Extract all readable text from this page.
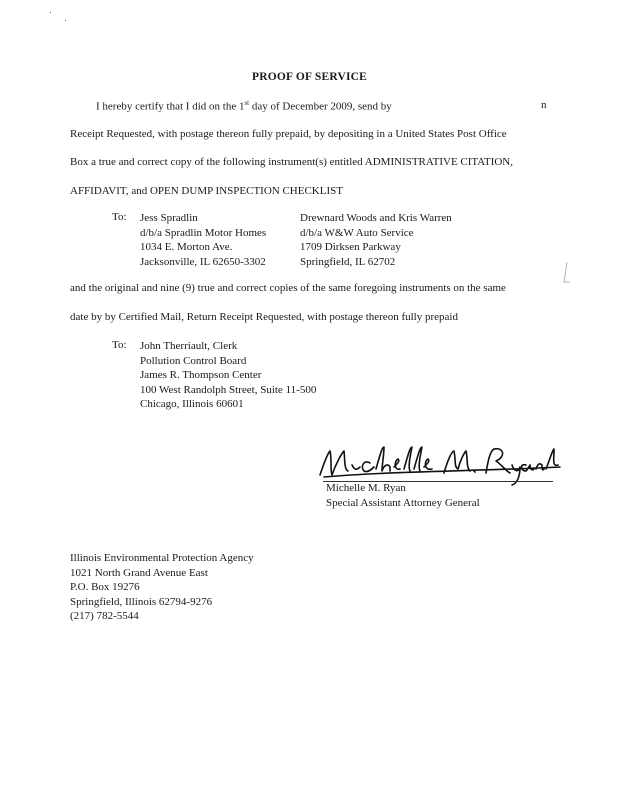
PROOF OF SERVICE
I hereby certify that I did on the 1st day of December 2009, send by	n
Receipt Requested, with postage thereon fully prepaid, by depositing in a United States Post Office
Box a true and correct copy of the following instrument(s) entitled ADMINISTRATIVE CITATION,
AFFIDAVIT, and OPEN DUMP INSPECTION CHECKLIST
To: Jess Spradlin
d/b/a Spradlin Motor Homes
1034 E. Morton Ave.
Jacksonville, IL 62650-3302
Drewnard Woods and Kris Warren
d/b/a W&W Auto Service
1709 Dirksen Parkway
Springfield, IL 62702
and the original and nine (9) true and correct copies of the same foregoing instruments on the same
date by by Certified Mail, Return Receipt Requested, with postage thereon fully prepaid
To: John Therriault, Clerk
Pollution Control Board
James R. Thompson Center
100 West Randolph Street, Suite 11-500
Chicago, Illinois 60601
Michelle M. Ryan
Special Assistant Attorney General
Illinois Environmental Protection Agency
1021 North Grand Avenue East
P.O. Box 19276
Springfield, Illinois 62794-9276
(217) 782-5544
